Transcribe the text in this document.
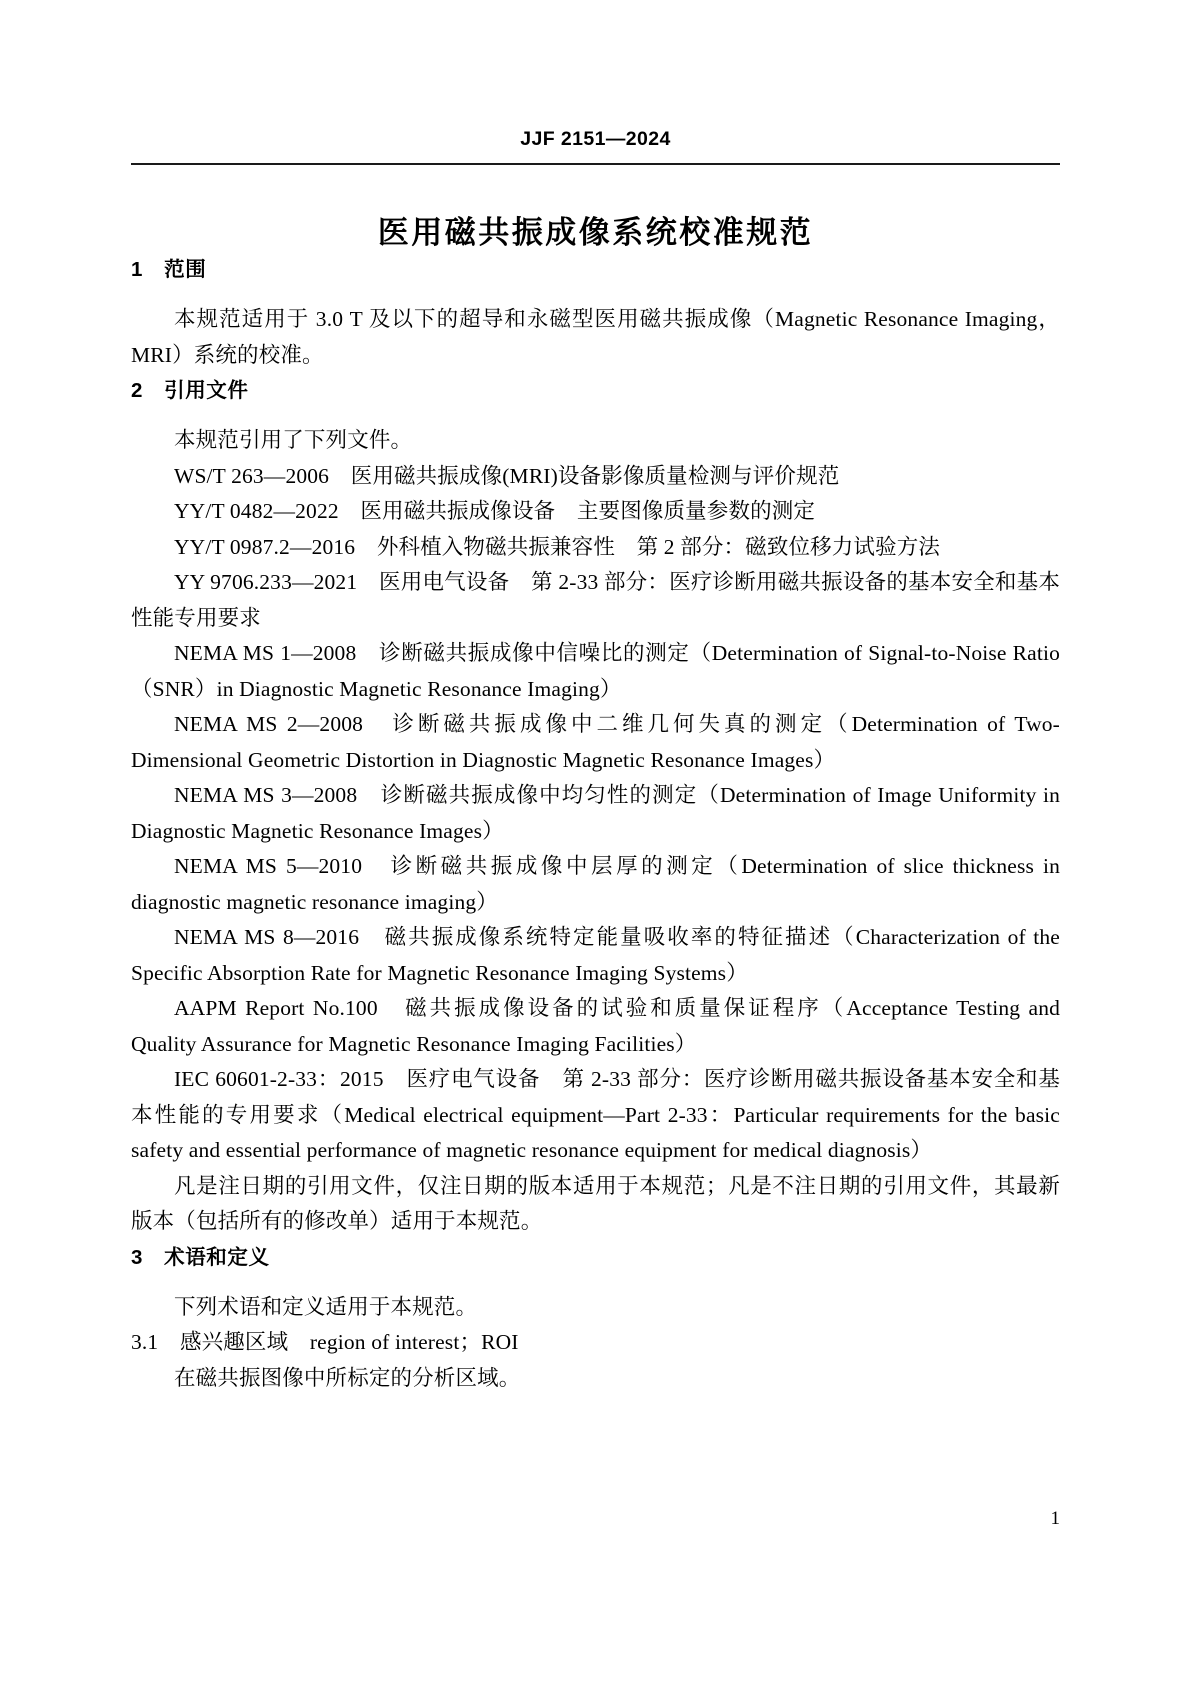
JJF 2151—2024
医用磁共振成像系统校准规范
1　范围

本规范适用于 3.0 T 及以下的超导和永磁型医用磁共振成像（Magnetic Resonance Imaging，MRI）系统的校准。

2　引用文件

本规范引用了下列文件。

WS/T 263—2006　医用磁共振成像(MRI)设备影像质量检测与评价规范

YY/T 0482—2022　医用磁共振成像设备　主要图像质量参数的测定

YY/T 0987.2—2016　外科植入物磁共振兼容性　第 2 部分：磁致位移力试验方法

YY 9706.233—2021　医用电气设备　第 2-33 部分：医疗诊断用磁共振设备的基本安全和基本性能专用要求

NEMA MS 1—2008　诊断磁共振成像中信噪比的测定（Determination of Signal-to-Noise Ratio（SNR）in Diagnostic Magnetic Resonance Imaging）

NEMA MS 2—2008　诊断磁共振成像中二维几何失真的测定（Determination of Two-Dimensional Geometric Distortion in Diagnostic Magnetic Resonance Images）

NEMA MS 3—2008　诊断磁共振成像中均匀性的测定（Determination of Image Uniformity in Diagnostic Magnetic Resonance Images）

NEMA MS 5—2010　诊断磁共振成像中层厚的测定（Determination of slice thickness in diagnostic magnetic resonance imaging）

NEMA MS 8—2016　磁共振成像系统特定能量吸收率的特征描述（Characterization of the Specific Absorption Rate for Magnetic Resonance Imaging Systems）

AAPM Report No.100　磁共振成像设备的试验和质量保证程序（Acceptance Testing and Quality Assurance for Magnetic Resonance Imaging Facilities）

IEC 60601-2-33：2015　医疗电气设备　第 2-33 部分：医疗诊断用磁共振设备基本安全和基本性能的专用要求（Medical electrical equipment—Part 2-33：Particular requirements for the basic safety and essential performance of magnetic resonance equipment for medical diagnosis）

凡是注日期的引用文件，仅注日期的版本适用于本规范；凡是不注日期的引用文件，其最新版本（包括所有的修改单）适用于本规范。

3　术语和定义

下列术语和定义适用于本规范。

3.1　感兴趣区域　region of interest；ROI

在磁共振图像中所标定的分析区域。

1
